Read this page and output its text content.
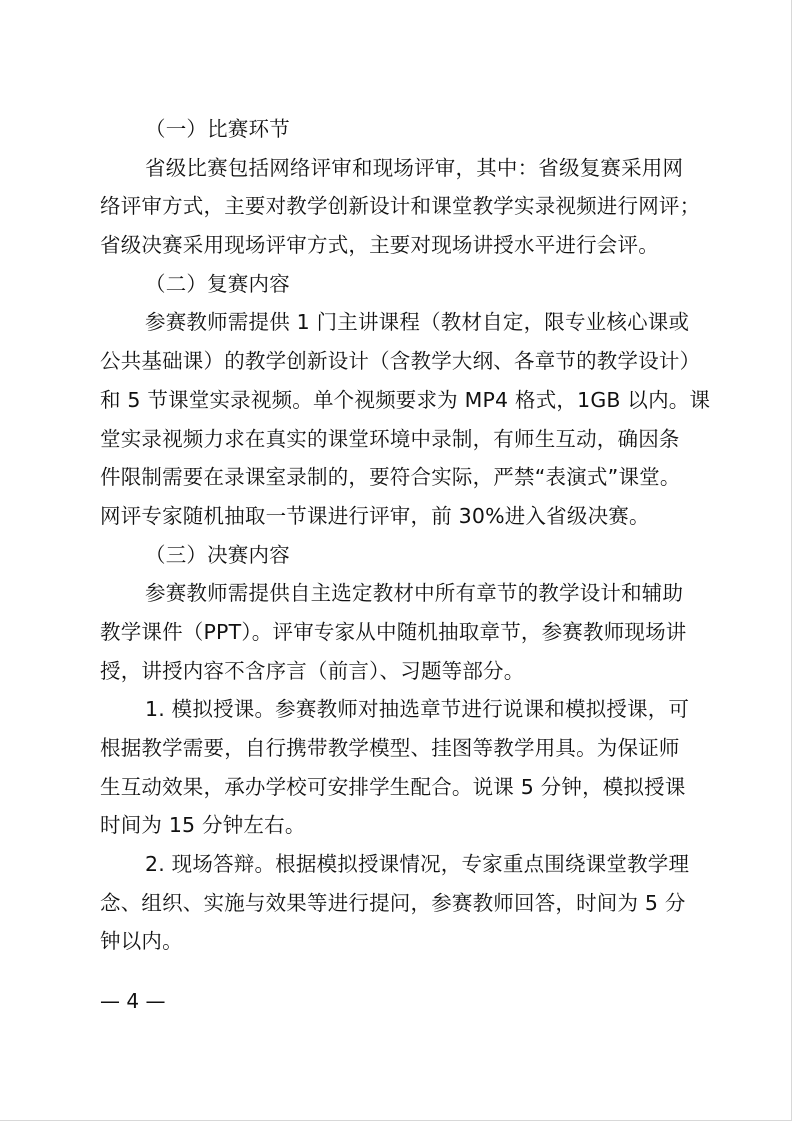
（一）比赛环节
省级比赛包括网络评审和现场评审，其中：省级复赛采用网
络评审方式，主要对教学创新设计和课堂教学实录视频进行网评；
省级决赛采用现场评审方式，主要对现场讲授水平进行会评。
（二）复赛内容
参赛教师需提供 1 门主讲课程（教材自定，限专业核心课或
公共基础课）的教学创新设计（含教学大纲、各章节的教学设计）
和 5 节课堂实录视频。单个视频要求为 MP4 格式，1GB 以内。课
堂实录视频力求在真实的课堂环境中录制，有师生互动，确因条
件限制需要在录课室录制的，要符合实际，严禁“表演式”课堂。
网评专家随机抽取一节课进行评审，前 30%进入省级决赛。
（三）决赛内容
参赛教师需提供自主选定教材中所有章节的教学设计和辅助
教学课件（PPT）。评审专家从中随机抽取章节，参赛教师现场讲
授，讲授内容不含序言（前言）、习题等部分。
1. 模拟授课。参赛教师对抽选章节进行说课和模拟授课，可
根据教学需要，自行携带教学模型、挂图等教学用具。为保证师
生互动效果，承办学校可安排学生配合。说课 5 分钟，模拟授课
时间为 15 分钟左右。
2. 现场答辩。根据模拟授课情况，专家重点围绕课堂教学理
念、组织、实施与效果等进行提问，参赛教师回答，时间为 5 分
钟以内。
— 4 —
